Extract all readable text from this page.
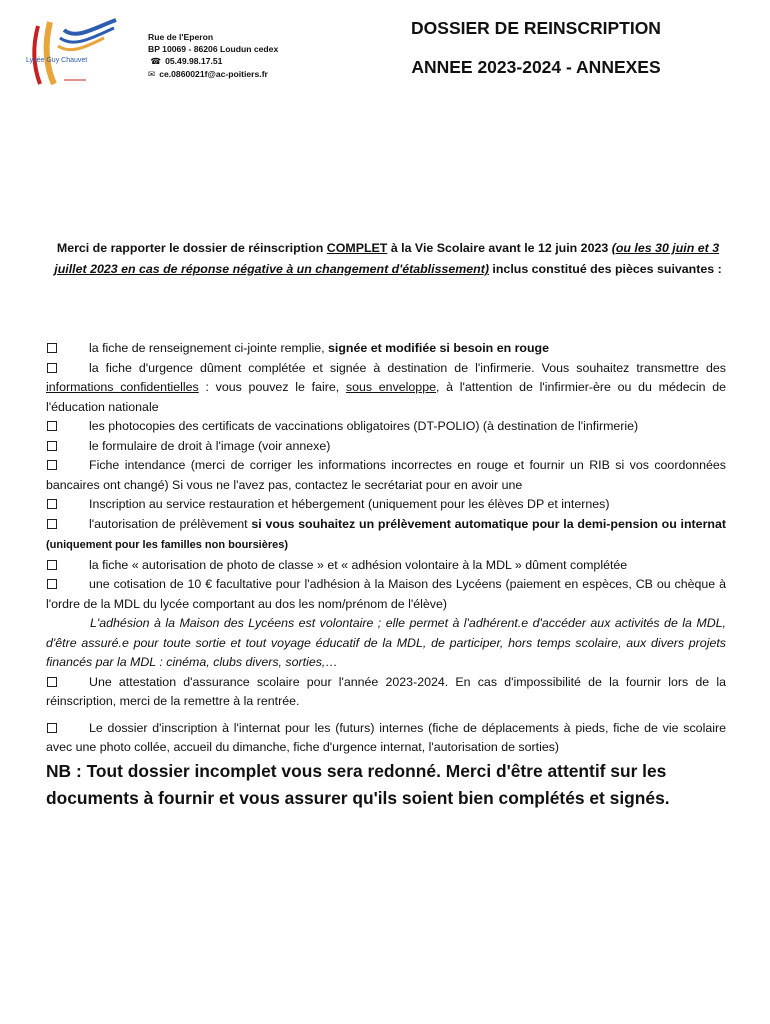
Lycée Guy Chauvet
Rue de l'Eperon
BP 10069 - 86206 Loudun cedex
☎ 05.49.98.17.51
✉ ce.0860021f@ac-poitiers.fr
DOSSIER DE REINSCRIPTION
ANNEE 2023-2024 - ANNEXES
Merci de rapporter le dossier de réinscription COMPLET à la Vie Scolaire avant le 12 juin 2023 (ou les 30 juin et 3 juillet 2023 en cas de réponse négative à un changement d'établissement) inclus constitué des pièces suivantes :

la fiche de renseignement ci-jointe remplie, signée et modifiée si besoin en rouge

la fiche d'urgence dûment complétée et signée à destination de l'infirmerie. Vous souhaitez transmettre des informations confidentielles : vous pouvez le faire, sous enveloppe, à l'attention de l'infirmier-ère ou du médecin de l'éducation nationale

les photocopies des certificats de vaccinations obligatoires (DT-POLIO) (à destination de l'infirmerie)

le formulaire de droit à l'image (voir annexe)

Fiche intendance (merci de corriger les informations incorrectes en rouge et fournir un RIB si vos coordonnées bancaires ont changé) Si vous ne l'avez pas, contactez le secrétariat pour en avoir une

Inscription au service restauration et hébergement (uniquement pour les élèves DP et internes)

l'autorisation de prélèvement si vous souhaitez un prélèvement automatique pour la demi-pension ou internat (uniquement pour les familles non boursières)

la fiche « autorisation de photo de classe » et « adhésion volontaire à la MDL » dûment complétée

une cotisation de 10 € facultative pour l'adhésion à la Maison des Lycéens (paiement en espèces, CB ou chèque à l'ordre de la MDL du lycée comportant au dos les nom/prénom de l'élève)

L'adhésion à la Maison des Lycéens est volontaire ; elle permet à l'adhérent.e d'accéder aux activités de la MDL, d'être assuré.e pour toute sortie et tout voyage éducatif de la MDL, de participer, hors temps scolaire, aux divers projets financés par la MDL : cinéma, clubs divers, sorties,…

Une attestation d'assurance scolaire pour l'année 2023-2024. En cas d'impossibilité de la fournir lors de la réinscription, merci de la remettre à la rentrée.

Le dossier d'inscription à l'internat pour les (futurs) internes (fiche de déplacements à pieds, fiche de vie scolaire avec une photo collée, accueil du dimanche, fiche d'urgence internat, l'autorisation de sorties)

NB : Tout dossier incomplet vous sera redonné. Merci d'être attentif sur les documents à fournir et vous assurer qu'ils soient bien complétés et signés.
